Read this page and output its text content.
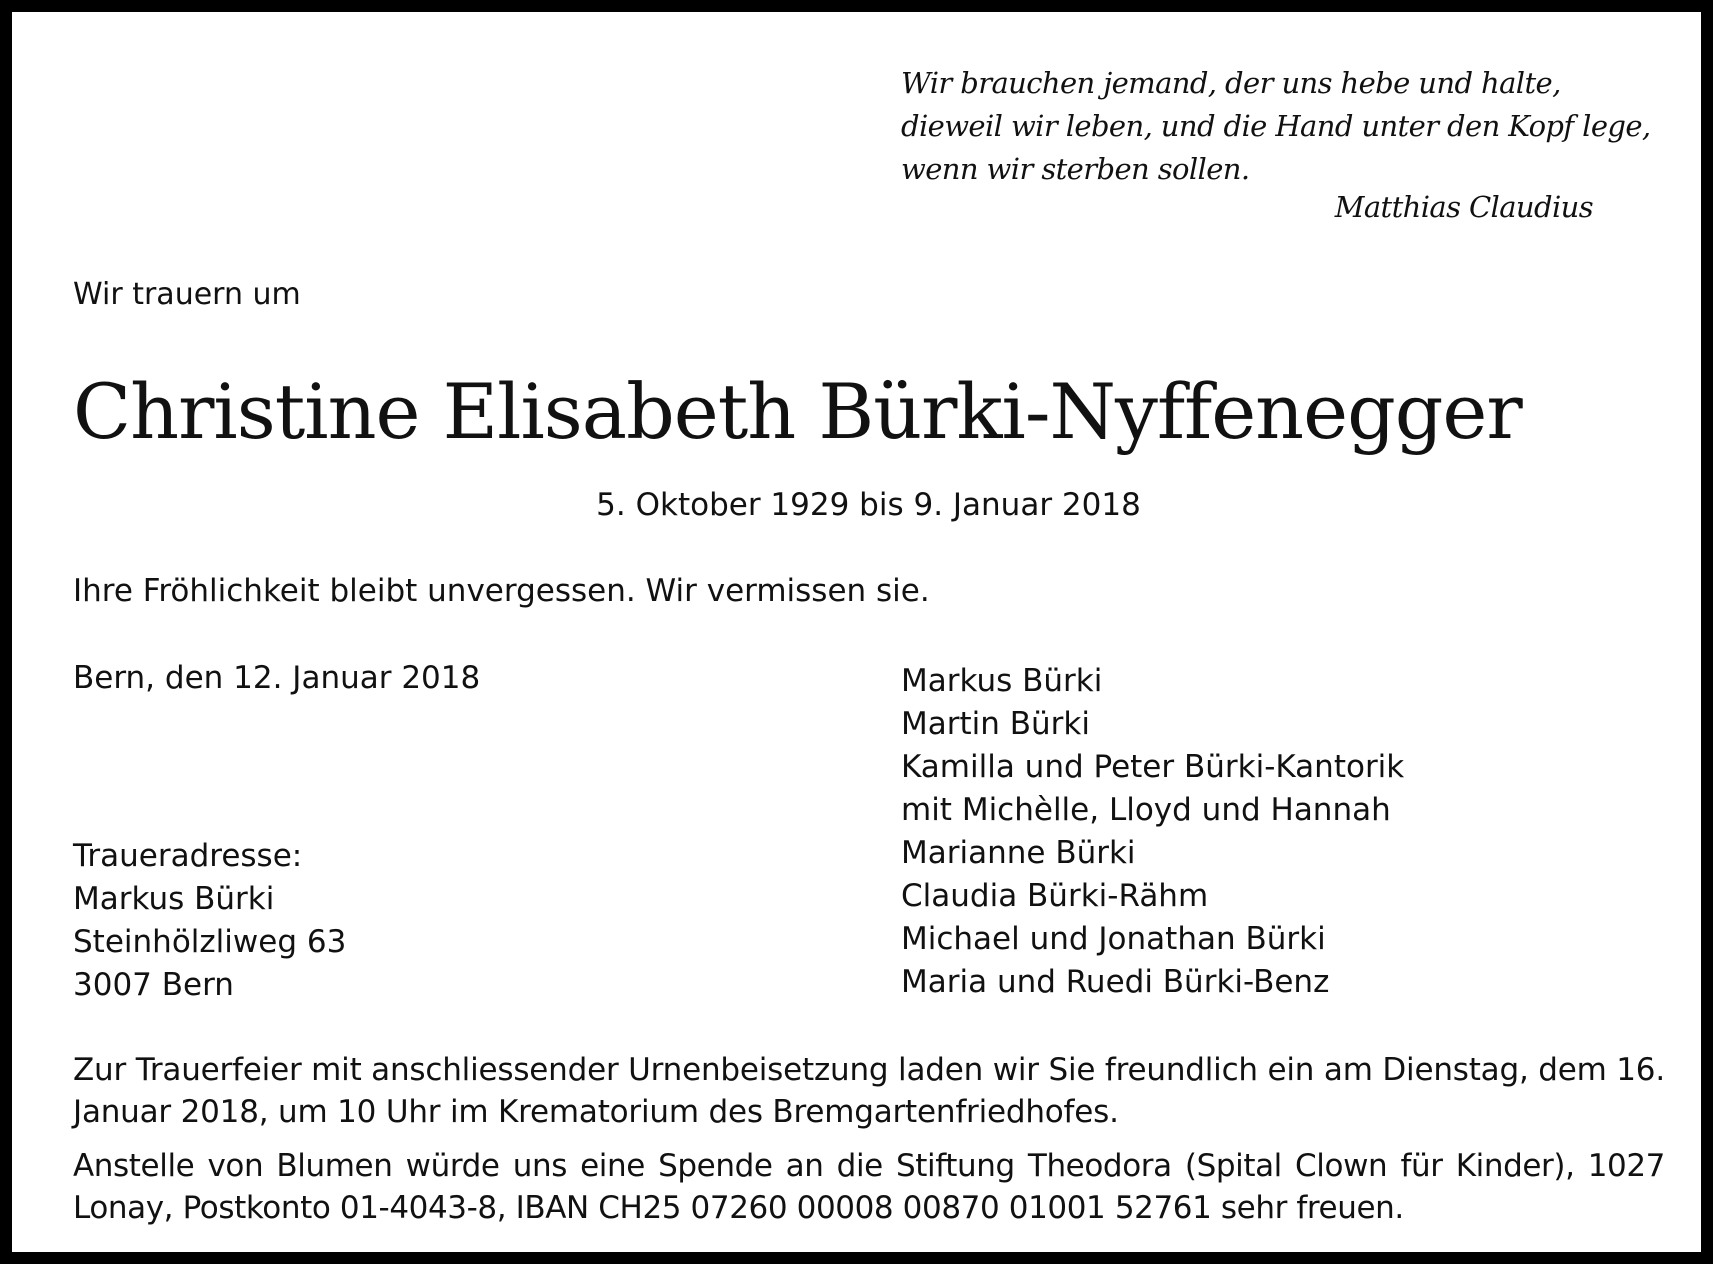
Wir brauchen jemand, der uns hebe und halte,
dieweil wir leben, und die Hand unter den Kopf lege,
wenn wir sterben sollen.
Matthias Claudius
Wir trauern um
Christine Elisabeth Bürki-Nyffenegger
5. Oktober 1929 bis 9. Januar 2018
Ihre Fröhlichkeit bleibt unvergessen. Wir vermissen sie.
Bern, den 12. Januar 2018	Markus Bürki
Martin Bürki
Kamilla und Peter Bürki-Kantorik
mit Michèlle, Lloyd und Hannah
Marianne Bürki
Claudia Bürki-Rähm
Michael und Jonathan Bürki
Maria und Ruedi Bürki-Benz
Traueradresse:
Markus Bürki
Steinhölzliweg 63
3007 Bern
Zur Trauerfeier mit anschliessender Urnenbeisetzung laden wir Sie freundlich ein am Dienstag, dem 16. Januar 2018, um 10 Uhr im Krematorium des Bremgartenfriedhofes.
Anstelle von Blumen würde uns eine Spende an die Stiftung Theodora (Spital Clown für Kinder), 1027 Lonay, Postkonto 01-4043-8, IBAN CH25 07260 00008 00870 01001 52761 sehr freuen.
